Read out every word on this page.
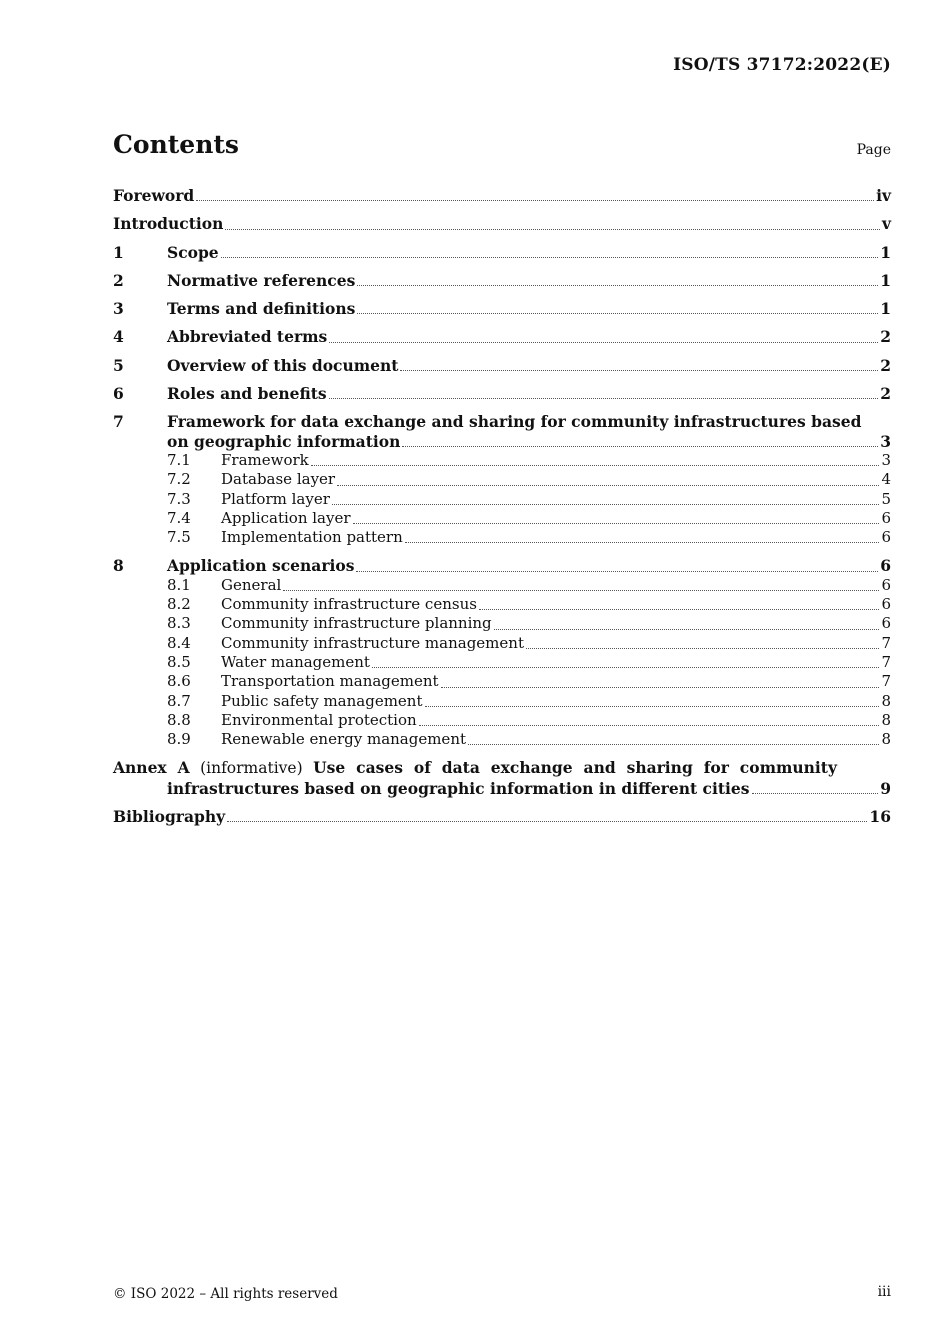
ISO/TS 37172:2022(E)
Contents	Page
Foreword	iv
Introduction	v
1	Scope	1
2	Normative references	1
3	Terms and definitions	1
4	Abbreviated terms	2
5	Overview of this document	2
6	Roles and benefits	2
7	Framework for data exchange and sharing for community infrastructures based
on geographic information	3
7.1	Framework	3
7.2	Database layer	4
7.3	Platform layer	5
7.4	Application layer	6
7.5	Implementation pattern	6
8	Application scenarios	6
8.1	General	6
8.2	Community infrastructure census	6
8.3	Community infrastructure planning	6
8.4	Community infrastructure management	7
8.5	Water management	7
8.6	Transportation management	7
8.7	Public safety management	8
8.8	Environmental protection	8
8.9	Renewable energy management	8
Annex A (informative) Use cases of data exchange and sharing for community
infrastructures based on geographic information in different cities	9
Bibliography	16
© ISO 2022 – All rights reserved	iii
